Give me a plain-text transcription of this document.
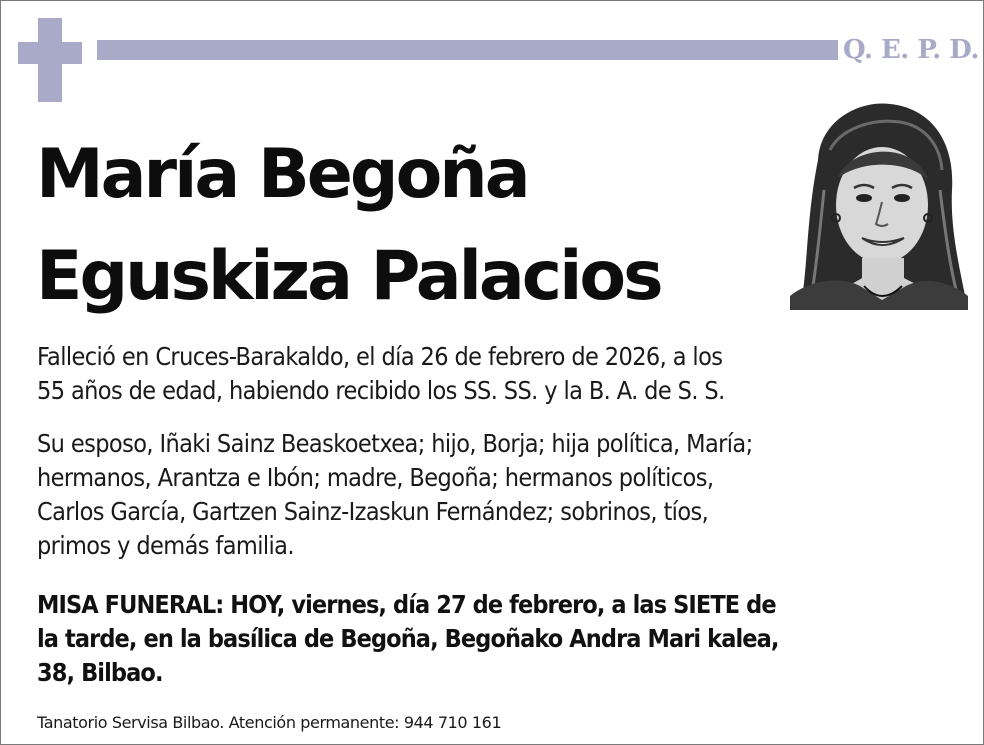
Q. E. P. D.
María Begoña
Eguskiza Palacios
Falleció en Cruces-Barakaldo, el día 26 de febrero de 2026, a los
55 años de edad, habiendo recibido los SS. SS. y la B. A. de S. S.
Su esposo, Iñaki Sainz Beaskoetxea; hijo, Borja; hija política, María;
hermanos, Arantza e Ibón; madre, Begoña; hermanos políticos,
Carlos García, Gartzen Sainz-Izaskun Fernández; sobrinos, tíos,
primos y demás familia.
MISA FUNERAL: HOY, viernes, día 27 de febrero, a las SIETE de
la tarde, en la basílica de Begoña, Begoñako Andra Mari kalea,
38, Bilbao.
Tanatorio Servisa Bilbao. Atención permanente: 944 710 161
